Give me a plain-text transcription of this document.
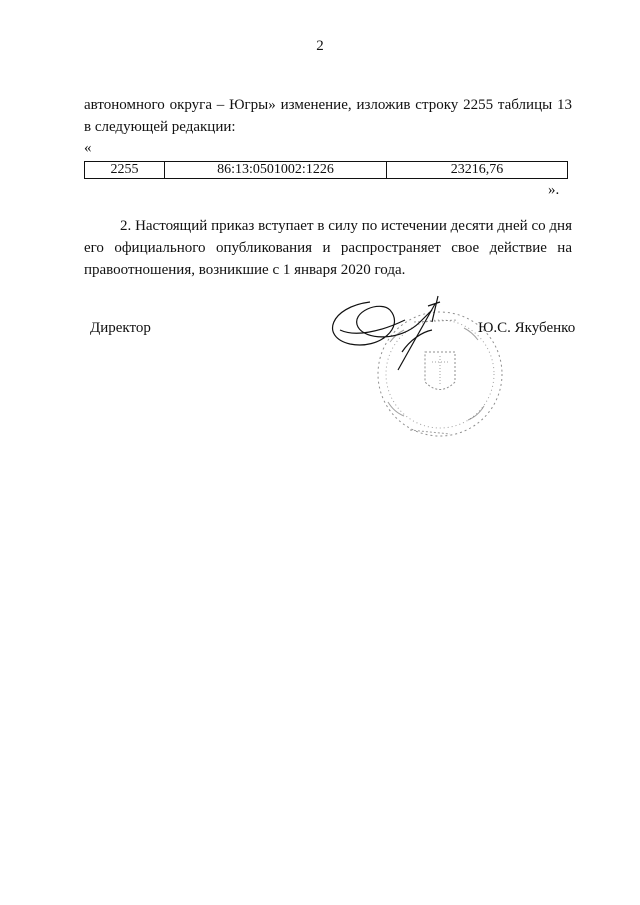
2
автономного округа – Югры» изменение, изложив строку 2255 таблицы 13 в следующей редакции:
«
2255	86:13:0501002:1226	23216,76
».
2. Настоящий приказ вступает в силу по истечении десяти дней со дня его официального опубликования и распространяет свое действие на правоотношения, возникшие с 1 января 2020 года.
Директор	Ю.С. Якубенко
